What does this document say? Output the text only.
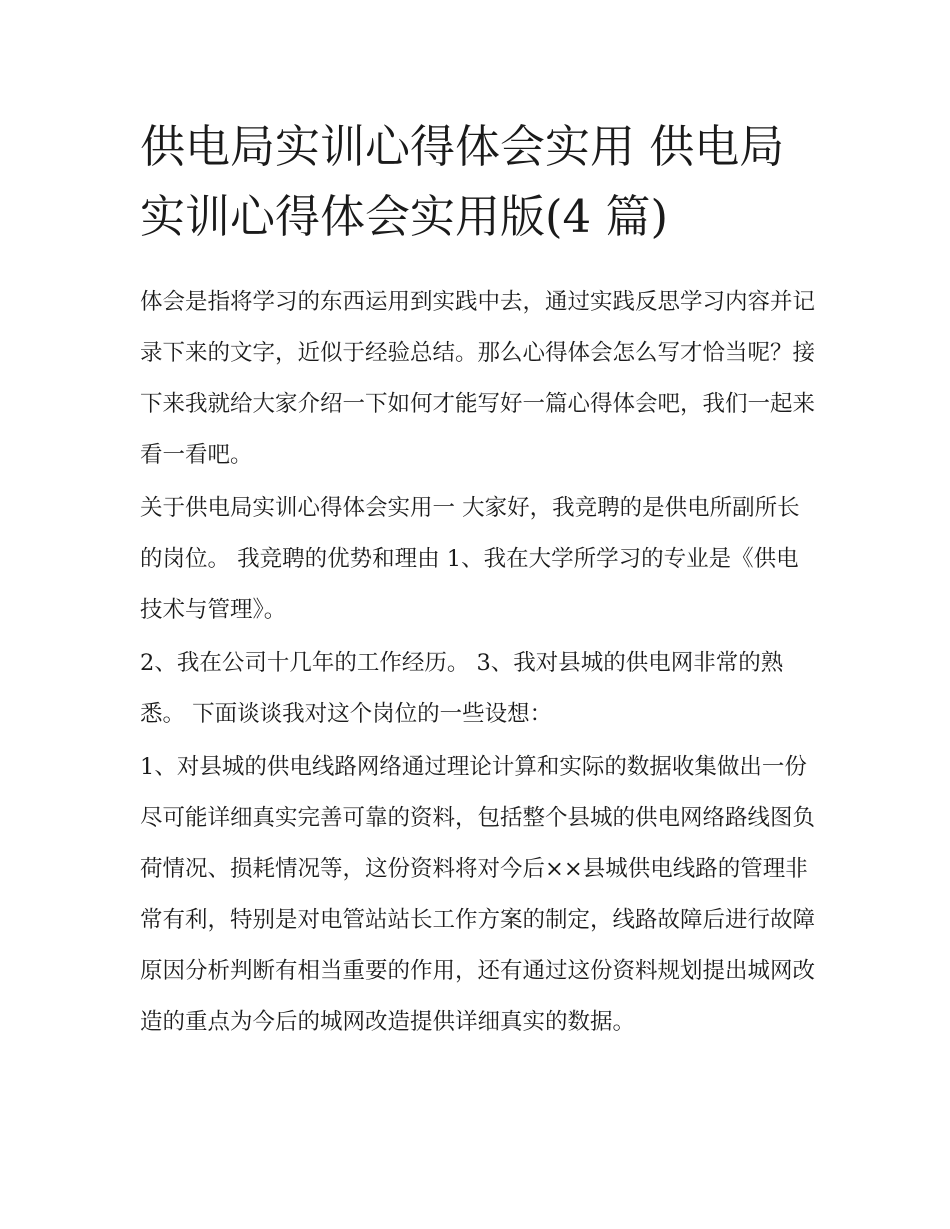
供电局实训心得体会实用 供电局实训心得体会实用版(4 篇)

体会是指将学习的东西运用到实践中去，通过实践反思学习内容并记录下来的文字，近似于经验总结。那么心得体会怎么写才恰当呢？接下来我就给大家介绍一下如何才能写好一篇心得体会吧，我们一起来看一看吧。

关于供电局实训心得体会实用一 大家好，我竞聘的是供电所副所长的岗位。 我竞聘的优势和理由 1、我在大学所学习的专业是《供电技术与管理》。

2、我在公司十几年的工作经历。 3、我对县城的供电网非常的熟悉。 下面谈谈我对这个岗位的一些设想：

1、对县城的供电线路网络通过理论计算和实际的数据收集做出一份尽可能详细真实完善可靠的资料，包括整个县城的供电网络路线图负荷情况、损耗情况等，这份资料将对今后××县城供电线路的管理非常有利，特别是对电管站站长工作方案的制定，线路故障后进行故障原因分析判断有相当重要的作用，还有通过这份资料规划提出城网改造的重点为今后的城网改造提供详细真实的数据。
